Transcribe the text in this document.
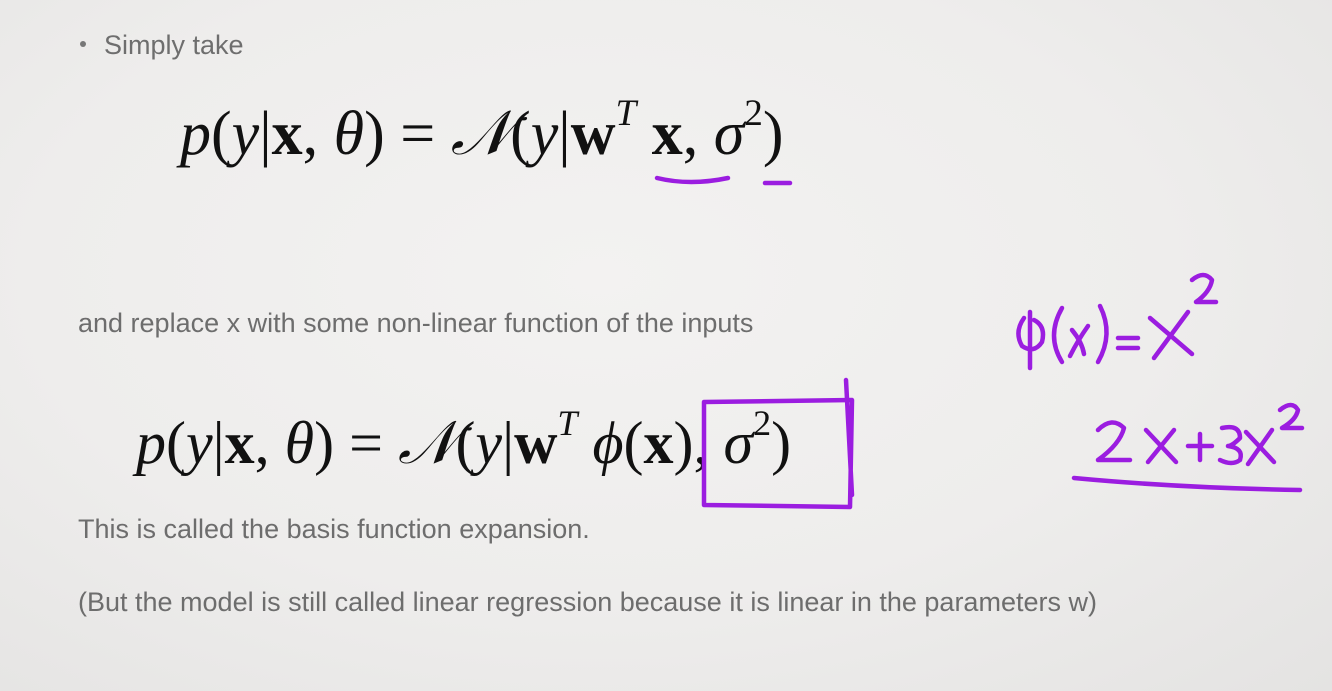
Simply take
p(y|x, $\theta) = 𝒩(y|w^T$ x, $\sigma^2$)
and replace x with some non-linear function of the inputs
p(y|x, $\theta) = 𝒩(y|w^T$ ϕ(x), $\sigma^2$)
This is called the basis function expansion.
(But the model is still called linear regression because it is linear in the parameters w)
